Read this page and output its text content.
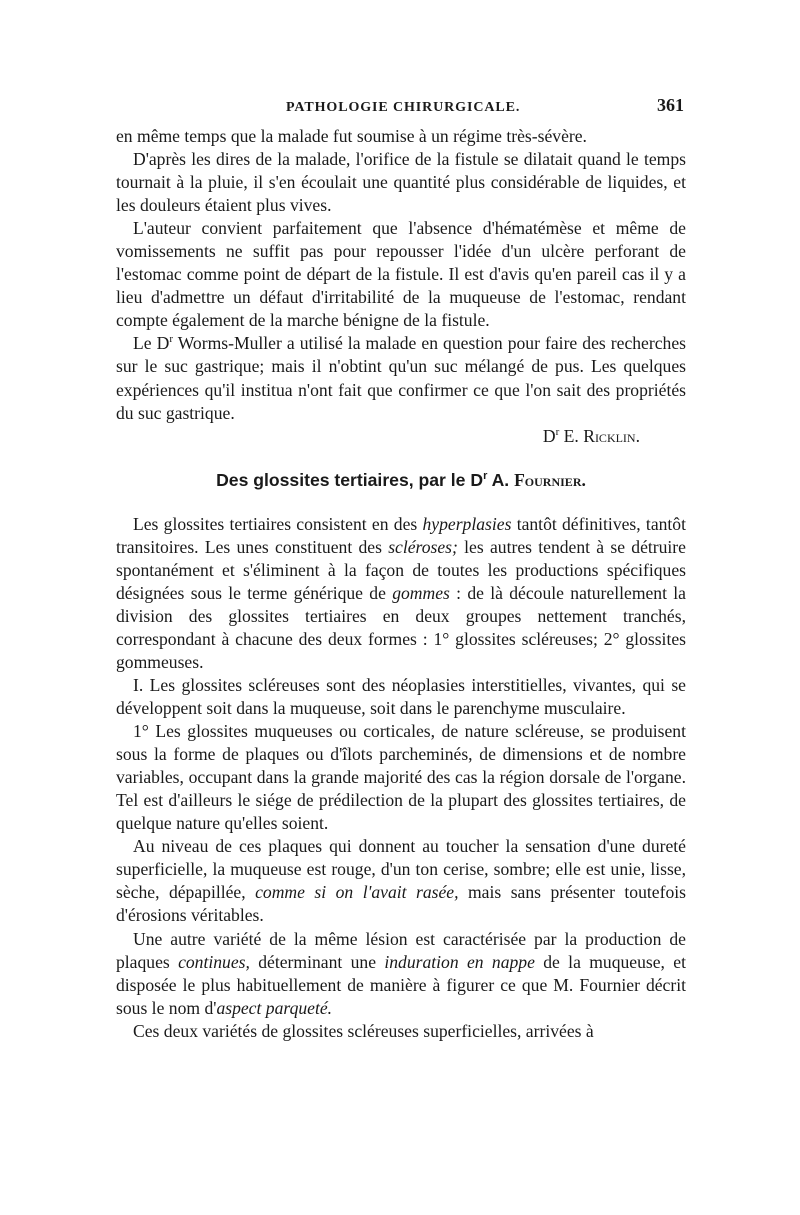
PATHOLOGIE CHIRURGICALE.	361

en même temps que la malade fut soumise à un régime très-sévère.

D'après les dires de la malade, l'orifice de la fistule se dilatait quand le temps tournait à la pluie, il s'en écoulait une quantité plus considérable de liquides, et les douleurs étaient plus vives.

L'auteur convient parfaitement que l'absence d'hématémèse et même de vomissements ne suffit pas pour repousser l'idée d'un ulcère perforant de l'estomac comme point de départ de la fistule. Il est d'avis qu'en pareil cas il y a lieu d'admettre un défaut d'irritabilité de la muqueuse de l'estomac, rendant compte également de la marche bénigne de la fistule.

Le $D^r$ Worms-Muller a utilisé la malade en question pour faire des recherches sur le suc gastrique; mais il n'obtint qu'un suc mélangé de pus. Les quelques expériences qu'il institua n'ont fait que confirmer ce que l'on sait des propriétés du suc gastrique.

$D^r$ E. Ricklin.

Des glossites tertiaires, par le $D^r$ A. Fournier.

Les glossites tertiaires consistent en des hyperplasies tantôt définitives, tantôt transitoires. Les unes constituent des scléroses; les autres tendent à se détruire spontanément et s'éliminent à la façon de toutes les productions spécifiques désignées sous le terme générique de gommes : de là découle naturellement la division des glossites tertiaires en deux groupes nettement tranchés, correspondant à chacune des deux formes : 1° glossites scléreuses; 2° glossites gommeuses.

I. Les glossites scléreuses sont des néoplasies interstitielles, vivantes, qui se développent soit dans la muqueuse, soit dans le parenchyme musculaire.

1° Les glossites muqueuses ou corticales, de nature scléreuse, se produisent sous la forme de plaques ou d'îlots parcheminés, de dimensions et de nombre variables, occupant dans la grande majorité des cas la région dorsale de l'organe. Tel est d'ailleurs le siége de prédilection de la plupart des glossites tertiaires, de quelque nature qu'elles soient.

Au niveau de ces plaques qui donnent au toucher la sensation d'une dureté superficielle, la muqueuse est rouge, d'un ton cerise, sombre; elle est unie, lisse, sèche, dépapillée, comme si on l'avait rasée, mais sans présenter toutefois d'érosions véritables.

Une autre variété de la même lésion est caractérisée par la production de plaques continues, déterminant une induration en nappe de la muqueuse, et disposée le plus habituellement de manière à figurer ce que M. Fournier décrit sous le nom d'aspect parqueté.

Ces deux variétés de glossites scléreuses superficielles, arrivées à
